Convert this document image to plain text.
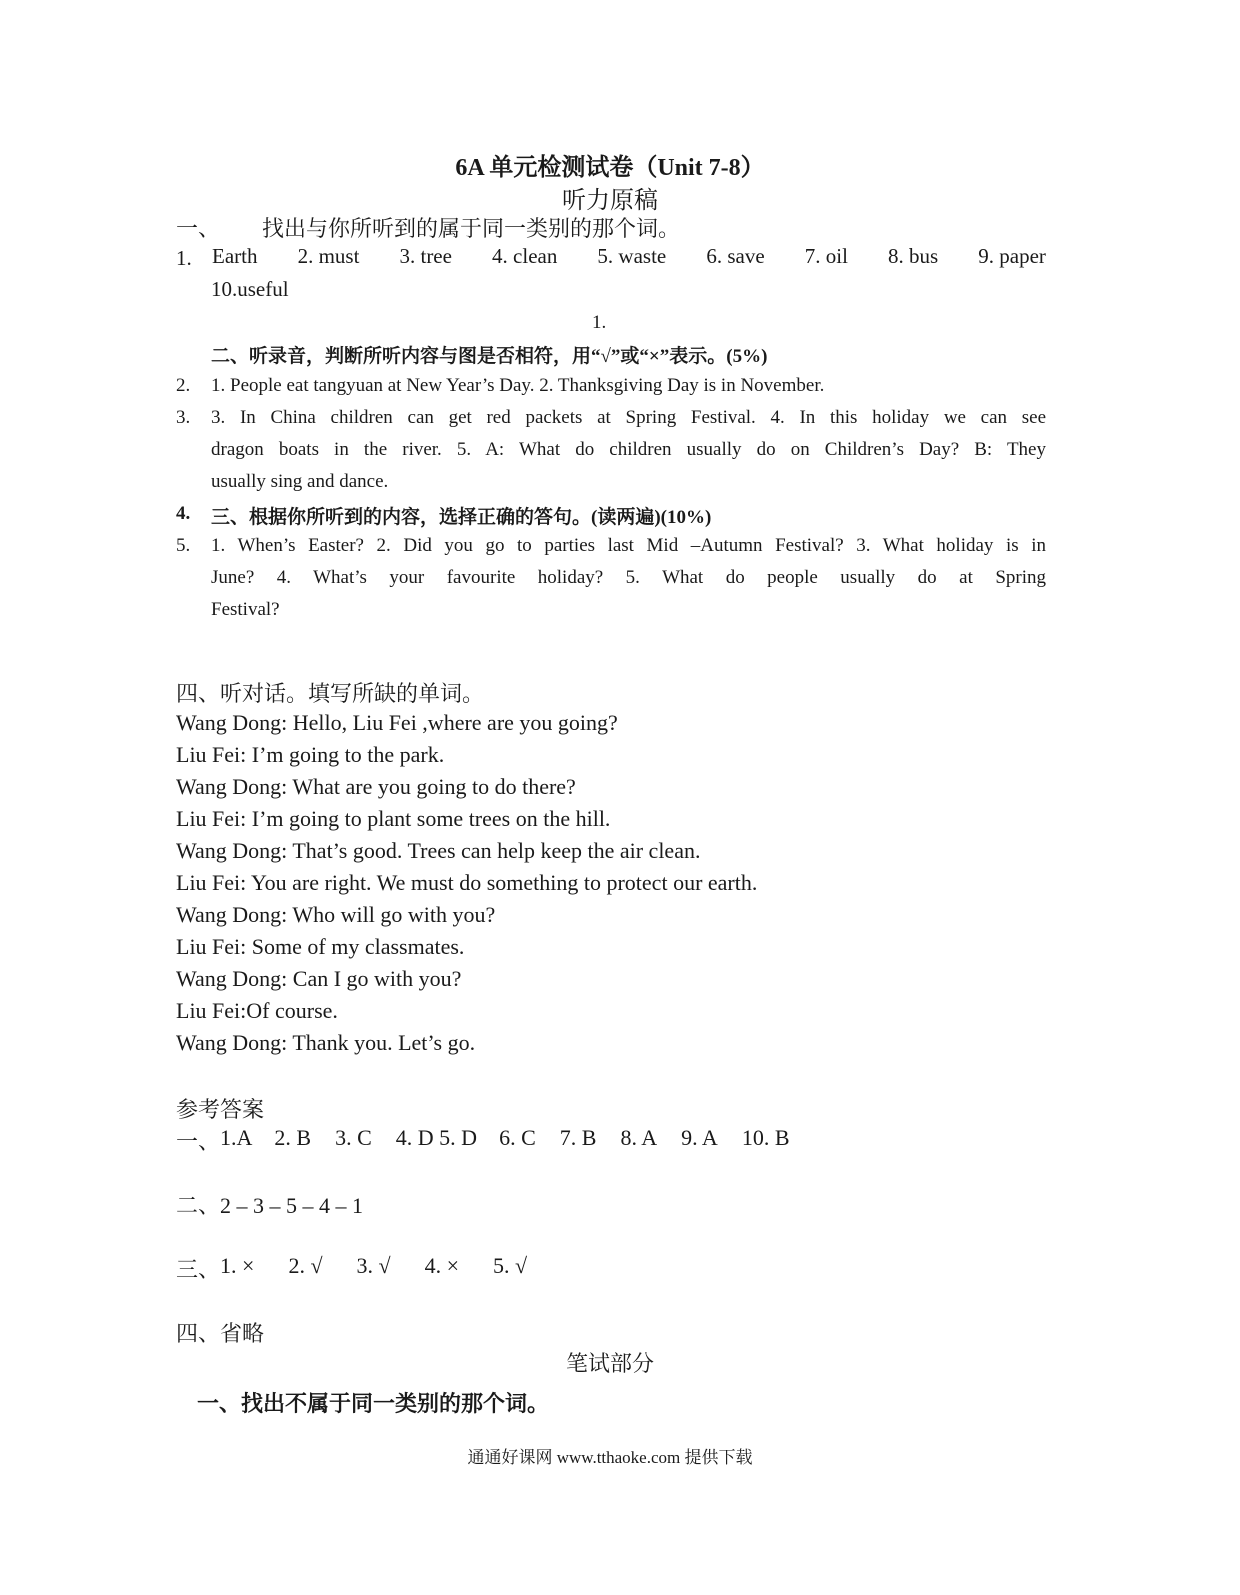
6A 单元检测试卷（Unit 7-8）
听力原稿
一、 找出与你所听到的属于同一类别的那个词。
1. Earth 2. must 3. tree 4. clean 5. waste 6. save 7. oil 8. bus 9. paper
10.useful
1.
二、听录音，判断所听内容与图是否相符，用“√”或“×”表示。(5%)
2. 1. People eat tangyuan at New Year’s Day. 2. Thanksgiving Day is in November.
3. 3. In China children can get red packets at Spring Festival. 4. In this holiday we can see
dragon boats in the river. 5. A: What do children usually do on Children’s Day? B: They
usually sing and dance.
4. 三、根据你所听到的内容，选择正确的答句。(读两遍)(10%)
5. 1. When’s Easter? 2. Did you go to parties last Mid –Autumn Festival? 3. What holiday is in
June? 4. What’s your favourite holiday? 5. What do people usually do at Spring
Festival?
四、听对话。填写所缺的单词。
Wang Dong: Hello, Liu Fei ,where are you going?
Liu Fei: I’m going to the park.
Wang Dong: What are you going to do there?
Liu Fei: I’m going to plant some trees on the hill.
Wang Dong: That’s good. Trees can help keep the air clean.
Liu Fei: You are right. We must do something to protect our earth.
Wang Dong: Who will go with you?
Liu Fei: Some of my classmates.
Wang Dong: Can I go with you?
Liu Fei:Of course.
Wang Dong: Thank you. Let’s go.
参考答案
一、 1.A 2. B 3. C 4. D 5. D 6. C 7. B 8. A 9. A 10. B
二、2 – 3 – 5 – 4 – 1
三、 1. × 2. √ 3. √ 4. × 5. √
四、省略
笔试部分
一、找出不属于同一类别的那个词。
通通好课网 www.tthaoke.com 提供下载
